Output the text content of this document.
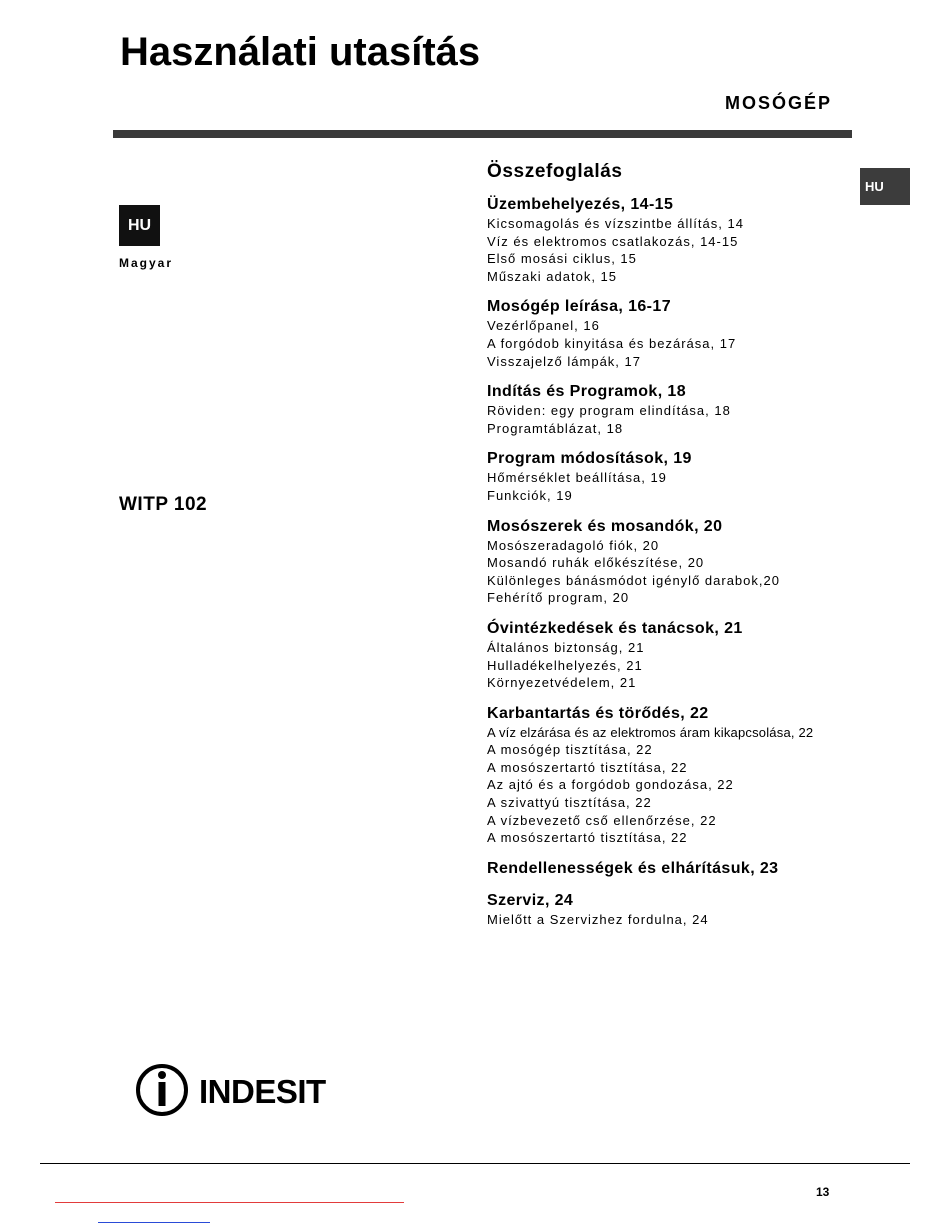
Használati utasítás
MOSÓGÉP
HU
HU
Magyar
WITP 102
Összefoglalás
Üzembehelyezés, 14-15
Kicsomagolás és vízszintbe állítás, 14
Víz és elektromos csatlakozás, 14-15
Első mosási ciklus, 15
Műszaki adatok, 15
Mosógép leírása, 16-17
Vezérlőpanel, 16
A forgódob kinyitása és bezárása, 17
Visszajelző lámpák, 17
Indítás és Programok, 18
Röviden: egy program elindítása, 18
Programtáblázat, 18
Program módosítások, 19
Hőmérséklet beállítása, 19
Funkciók, 19
Mosószerek és mosandók, 20
Mosószeradagoló fiók, 20
Mosandó ruhák előkészítése, 20
Különleges bánásmódot igénylő darabok,20
Fehérítő program, 20
Óvintézkedések és tanácsok, 21
Általános biztonság, 21
Hulladékelhelyezés, 21
Környezetvédelem, 21
Karbantartás és törődés, 22
A víz elzárása és az elektromos áram kikapcsolása, 22
A mosógép tisztítása, 22
A mosószertartó tisztítása, 22
Az ajtó és a forgódob gondozása, 22
A szivattyú tisztítása, 22
A vízbevezető cső ellenőrzése, 22
A mosószertartó tisztítása, 22
Rendellenességek és elhárításuk, 23
Szerviz, 24
Mielőtt a Szervizhez fordulna, 24
INDESIT
13
